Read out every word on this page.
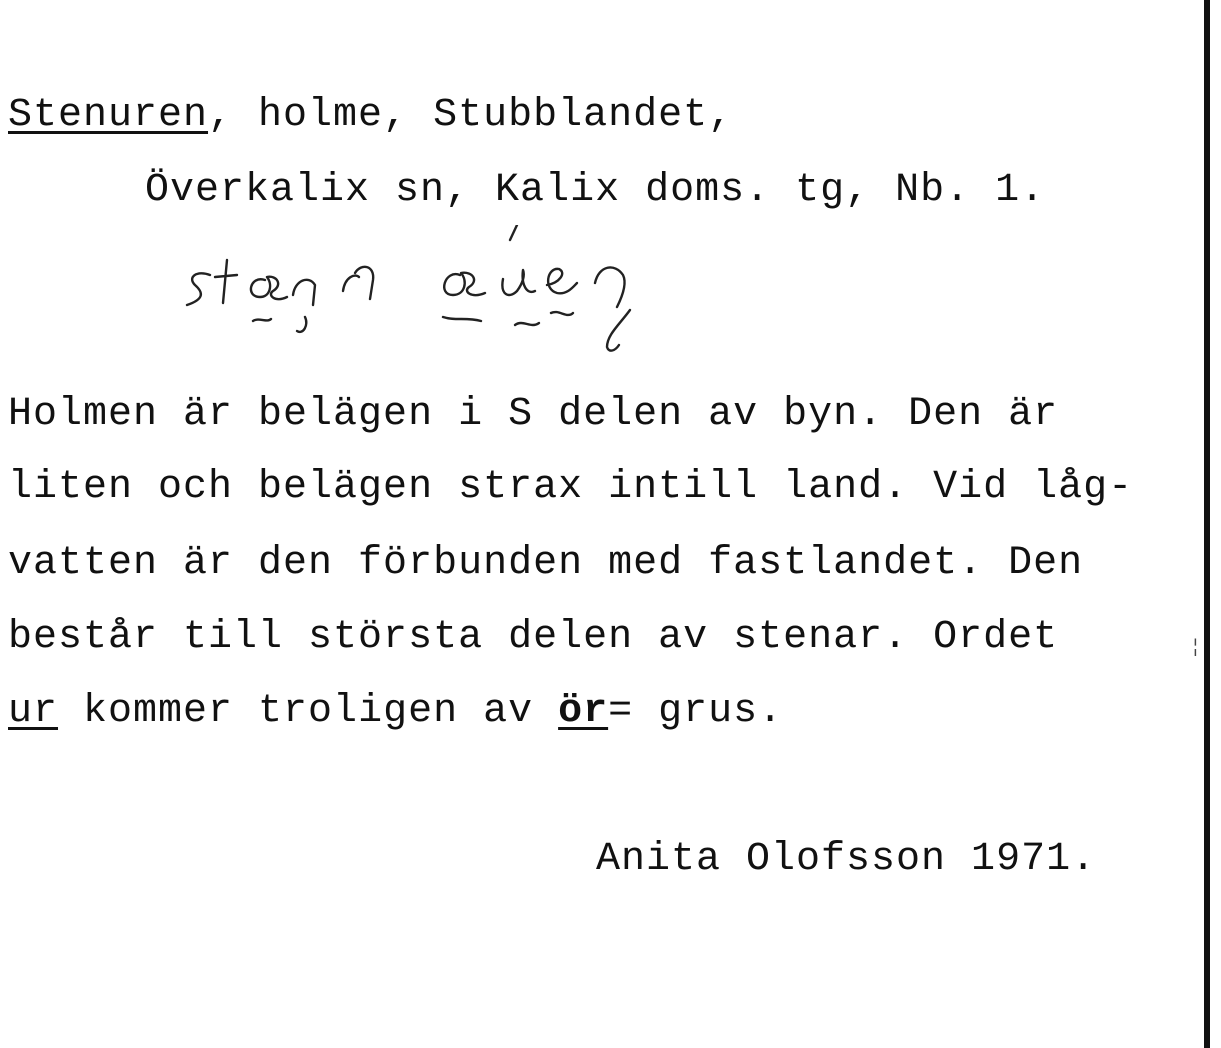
Stenuren, holme, Stubblandet,
Överkalix sn, Kalix doms. tg, Nb. 1.
Holmen är belägen i S delen av byn. Den är
liten och belägen strax intill land. Vid låg-
vatten är den förbunden med fastlandet. Den
består till största delen av stenar. Ordet
ur kommer troligen av ör= grus.
Anita Olofsson 1971.
¦
